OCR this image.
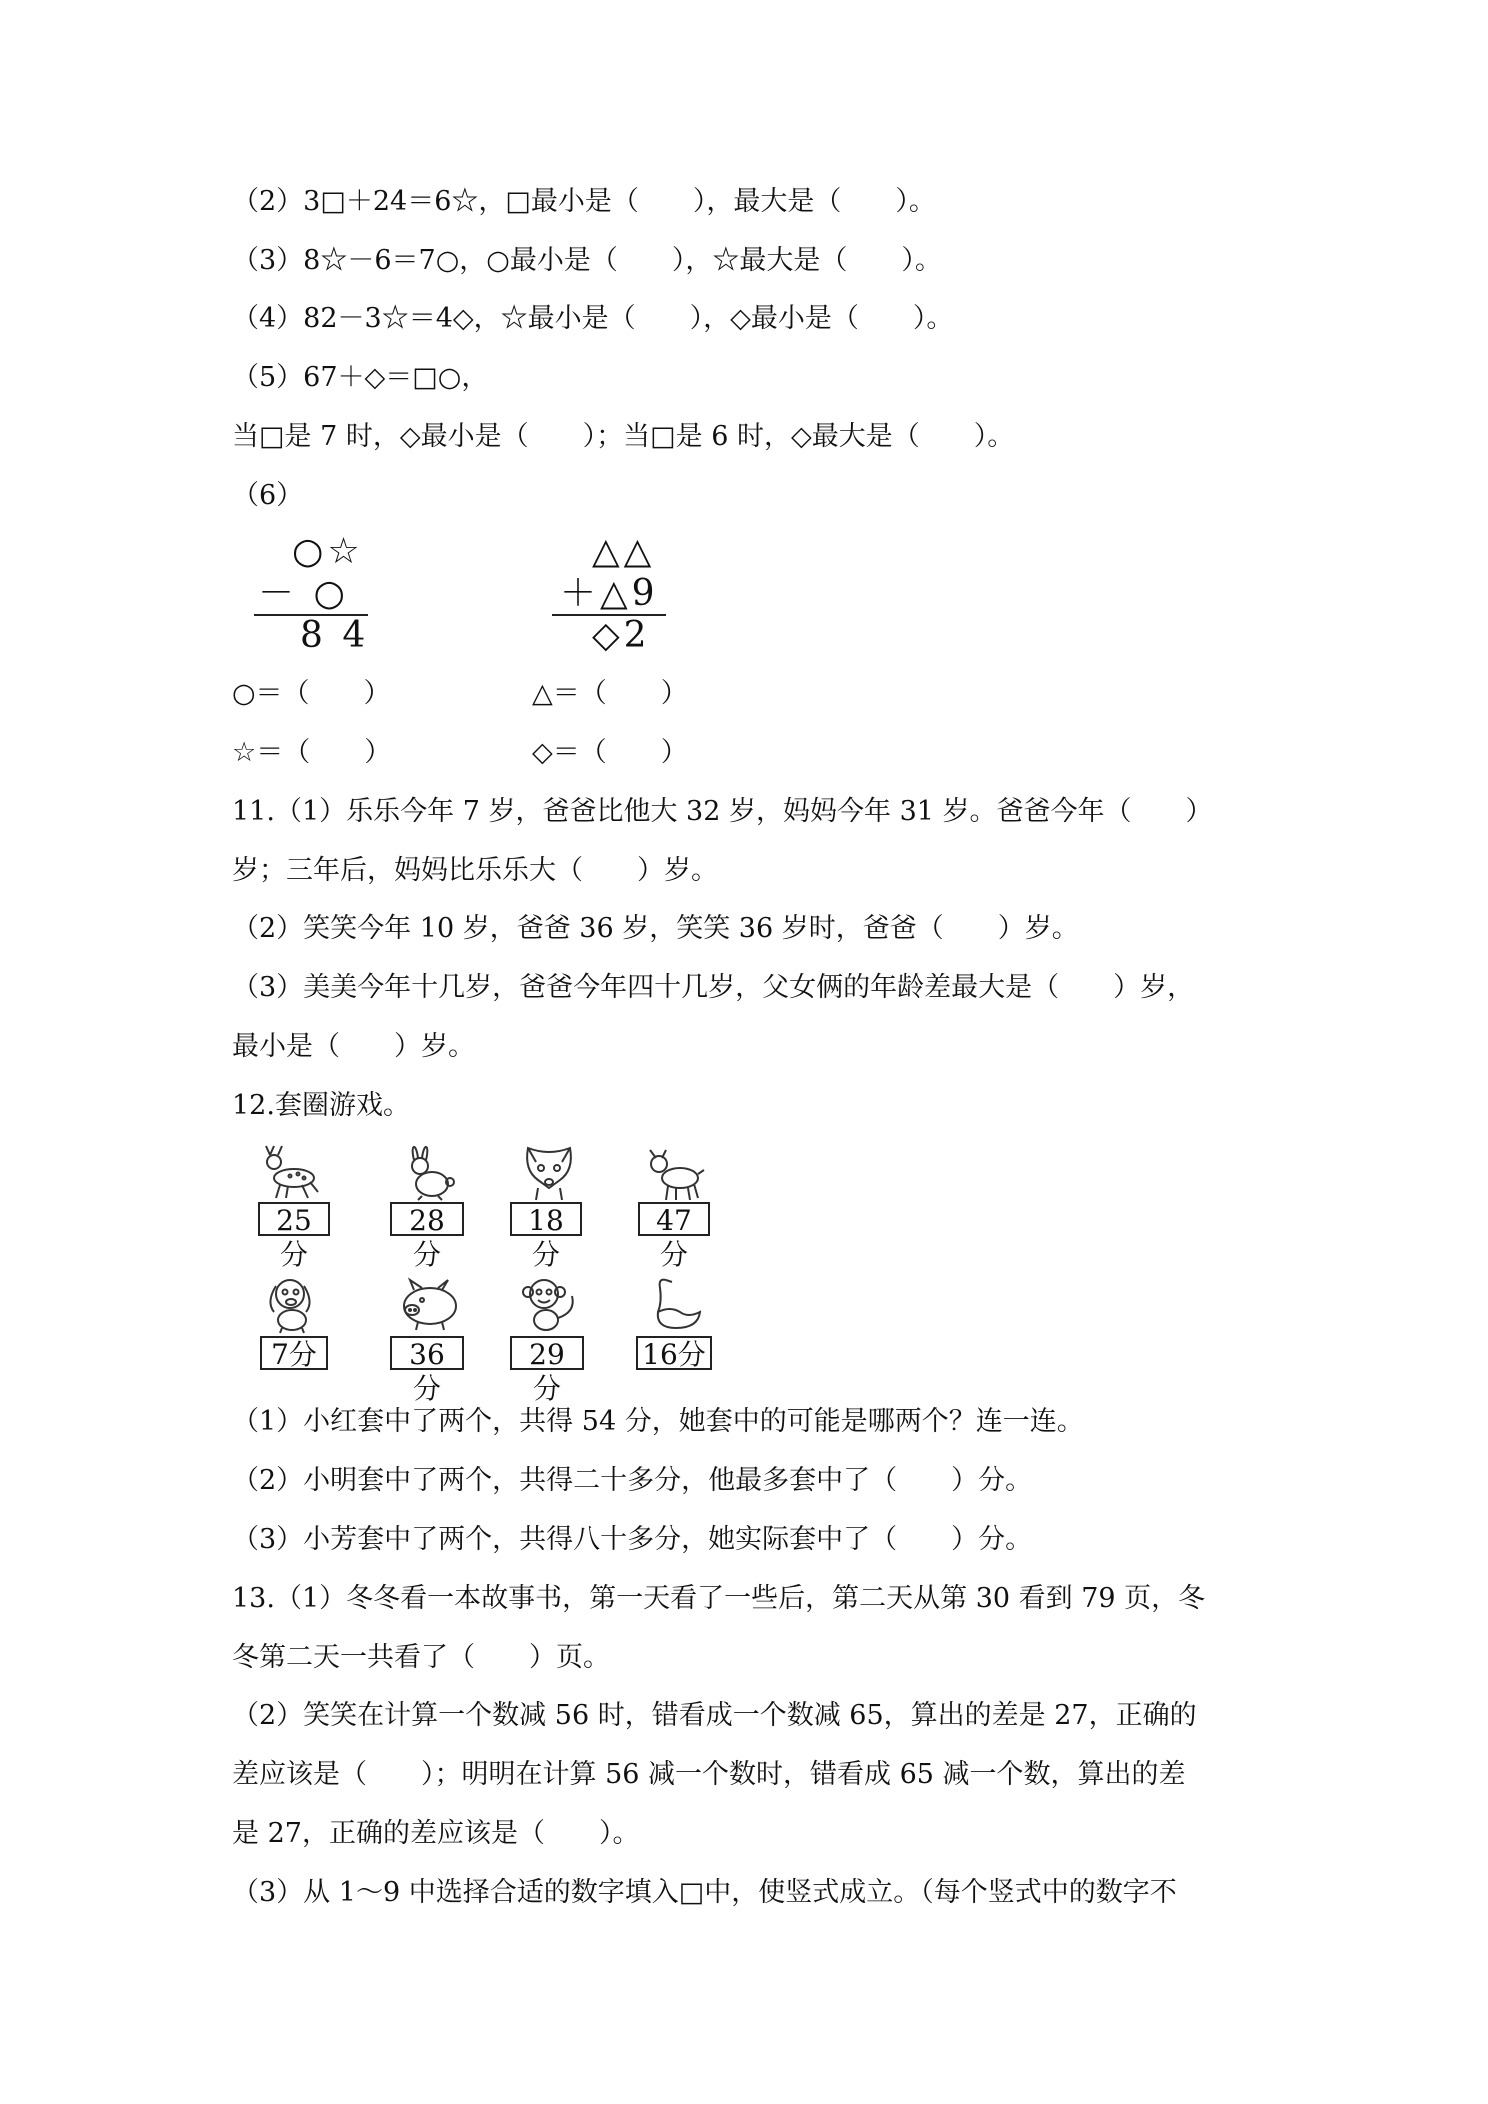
（2）3□＋24＝6☆，□最小是（　　），最大是（　　）。
（3）8☆－6＝7○，○最小是（　　），☆最大是（　　）。
（4）82－3☆＝4◇，☆最小是（　　），◇最小是（　　）。
（5）67＋◇＝□○，
当□是 7 时，◇最小是（　　）；当□是 6 时，◇最大是（　　）。
（6）
○☆
－ ○
8 4
△△
＋△9
◇2
○＝（　　）	△＝（　　）
☆＝（　　）	◇＝（　　）
11.（1）乐乐今年 7 岁，爸爸比他大 32 岁，妈妈今年 31 岁。爸爸今年（　　）
岁；三年后，妈妈比乐乐大（　　）岁。
（2）笑笑今年 10 岁，爸爸 36 岁，笑笑 36 岁时，爸爸（　　）岁。
（3）美美今年十几岁，爸爸今年四十几岁，父女俩的年龄差最大是（　　）岁，
最小是（　　）岁。
12.套圈游戏。
25分
28分
18分
47分
7分	36分
29分
16分
（1）小红套中了两个，共得 54 分，她套中的可能是哪两个？连一连。
（2）小明套中了两个，共得二十多分，他最多套中了（　　）分。
（3）小芳套中了两个，共得八十多分，她实际套中了（　　）分。
13.（1）冬冬看一本故事书，第一天看了一些后，第二天从第 30 看到 79 页，冬
冬第二天一共看了（　　）页。
（2）笑笑在计算一个数减 56 时，错看成一个数减 65，算出的差是 27，正确的
差应该是（　　）；明明在计算 56 减一个数时，错看成 65 减一个数，算出的差
是 27，正确的差应该是（　　）。
（3）从 1～9 中选择合适的数字填入□中，使竖式成立。（每个竖式中的数字不
